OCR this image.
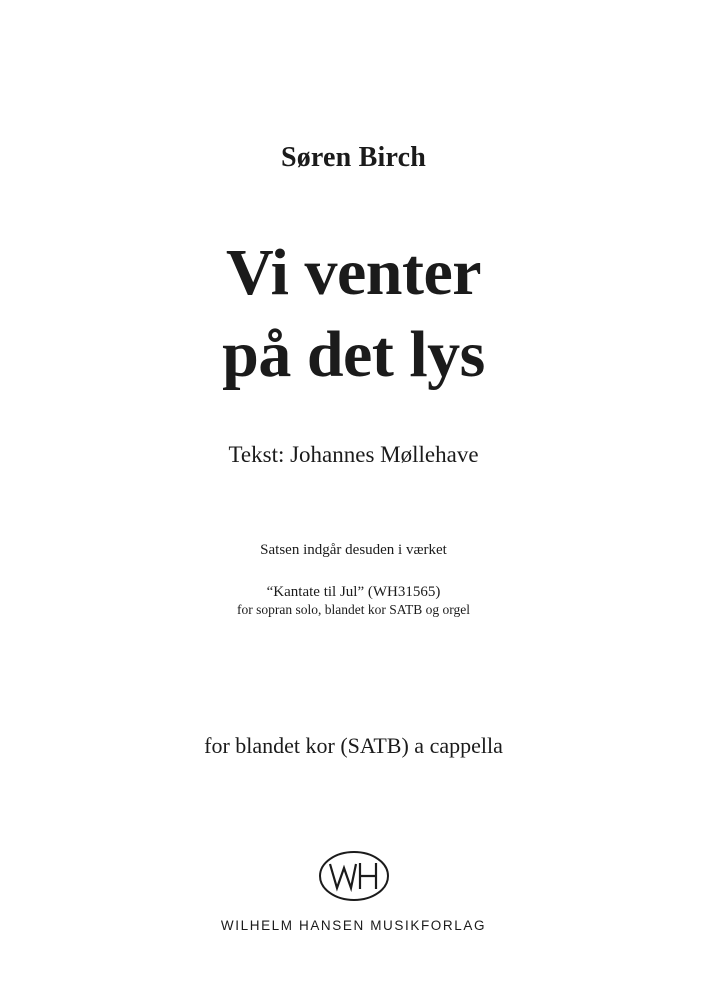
Søren Birch
Vi venter
på det lys
Tekst: Johannes Møllehave
Satsen indgår desuden i værket
“Kantate til Jul” (WH31565)
for sopran solo, blandet kor SATB og orgel
for blandet kor (SATB) a cappella
WILHELM HANSEN MUSIKFORLAG
